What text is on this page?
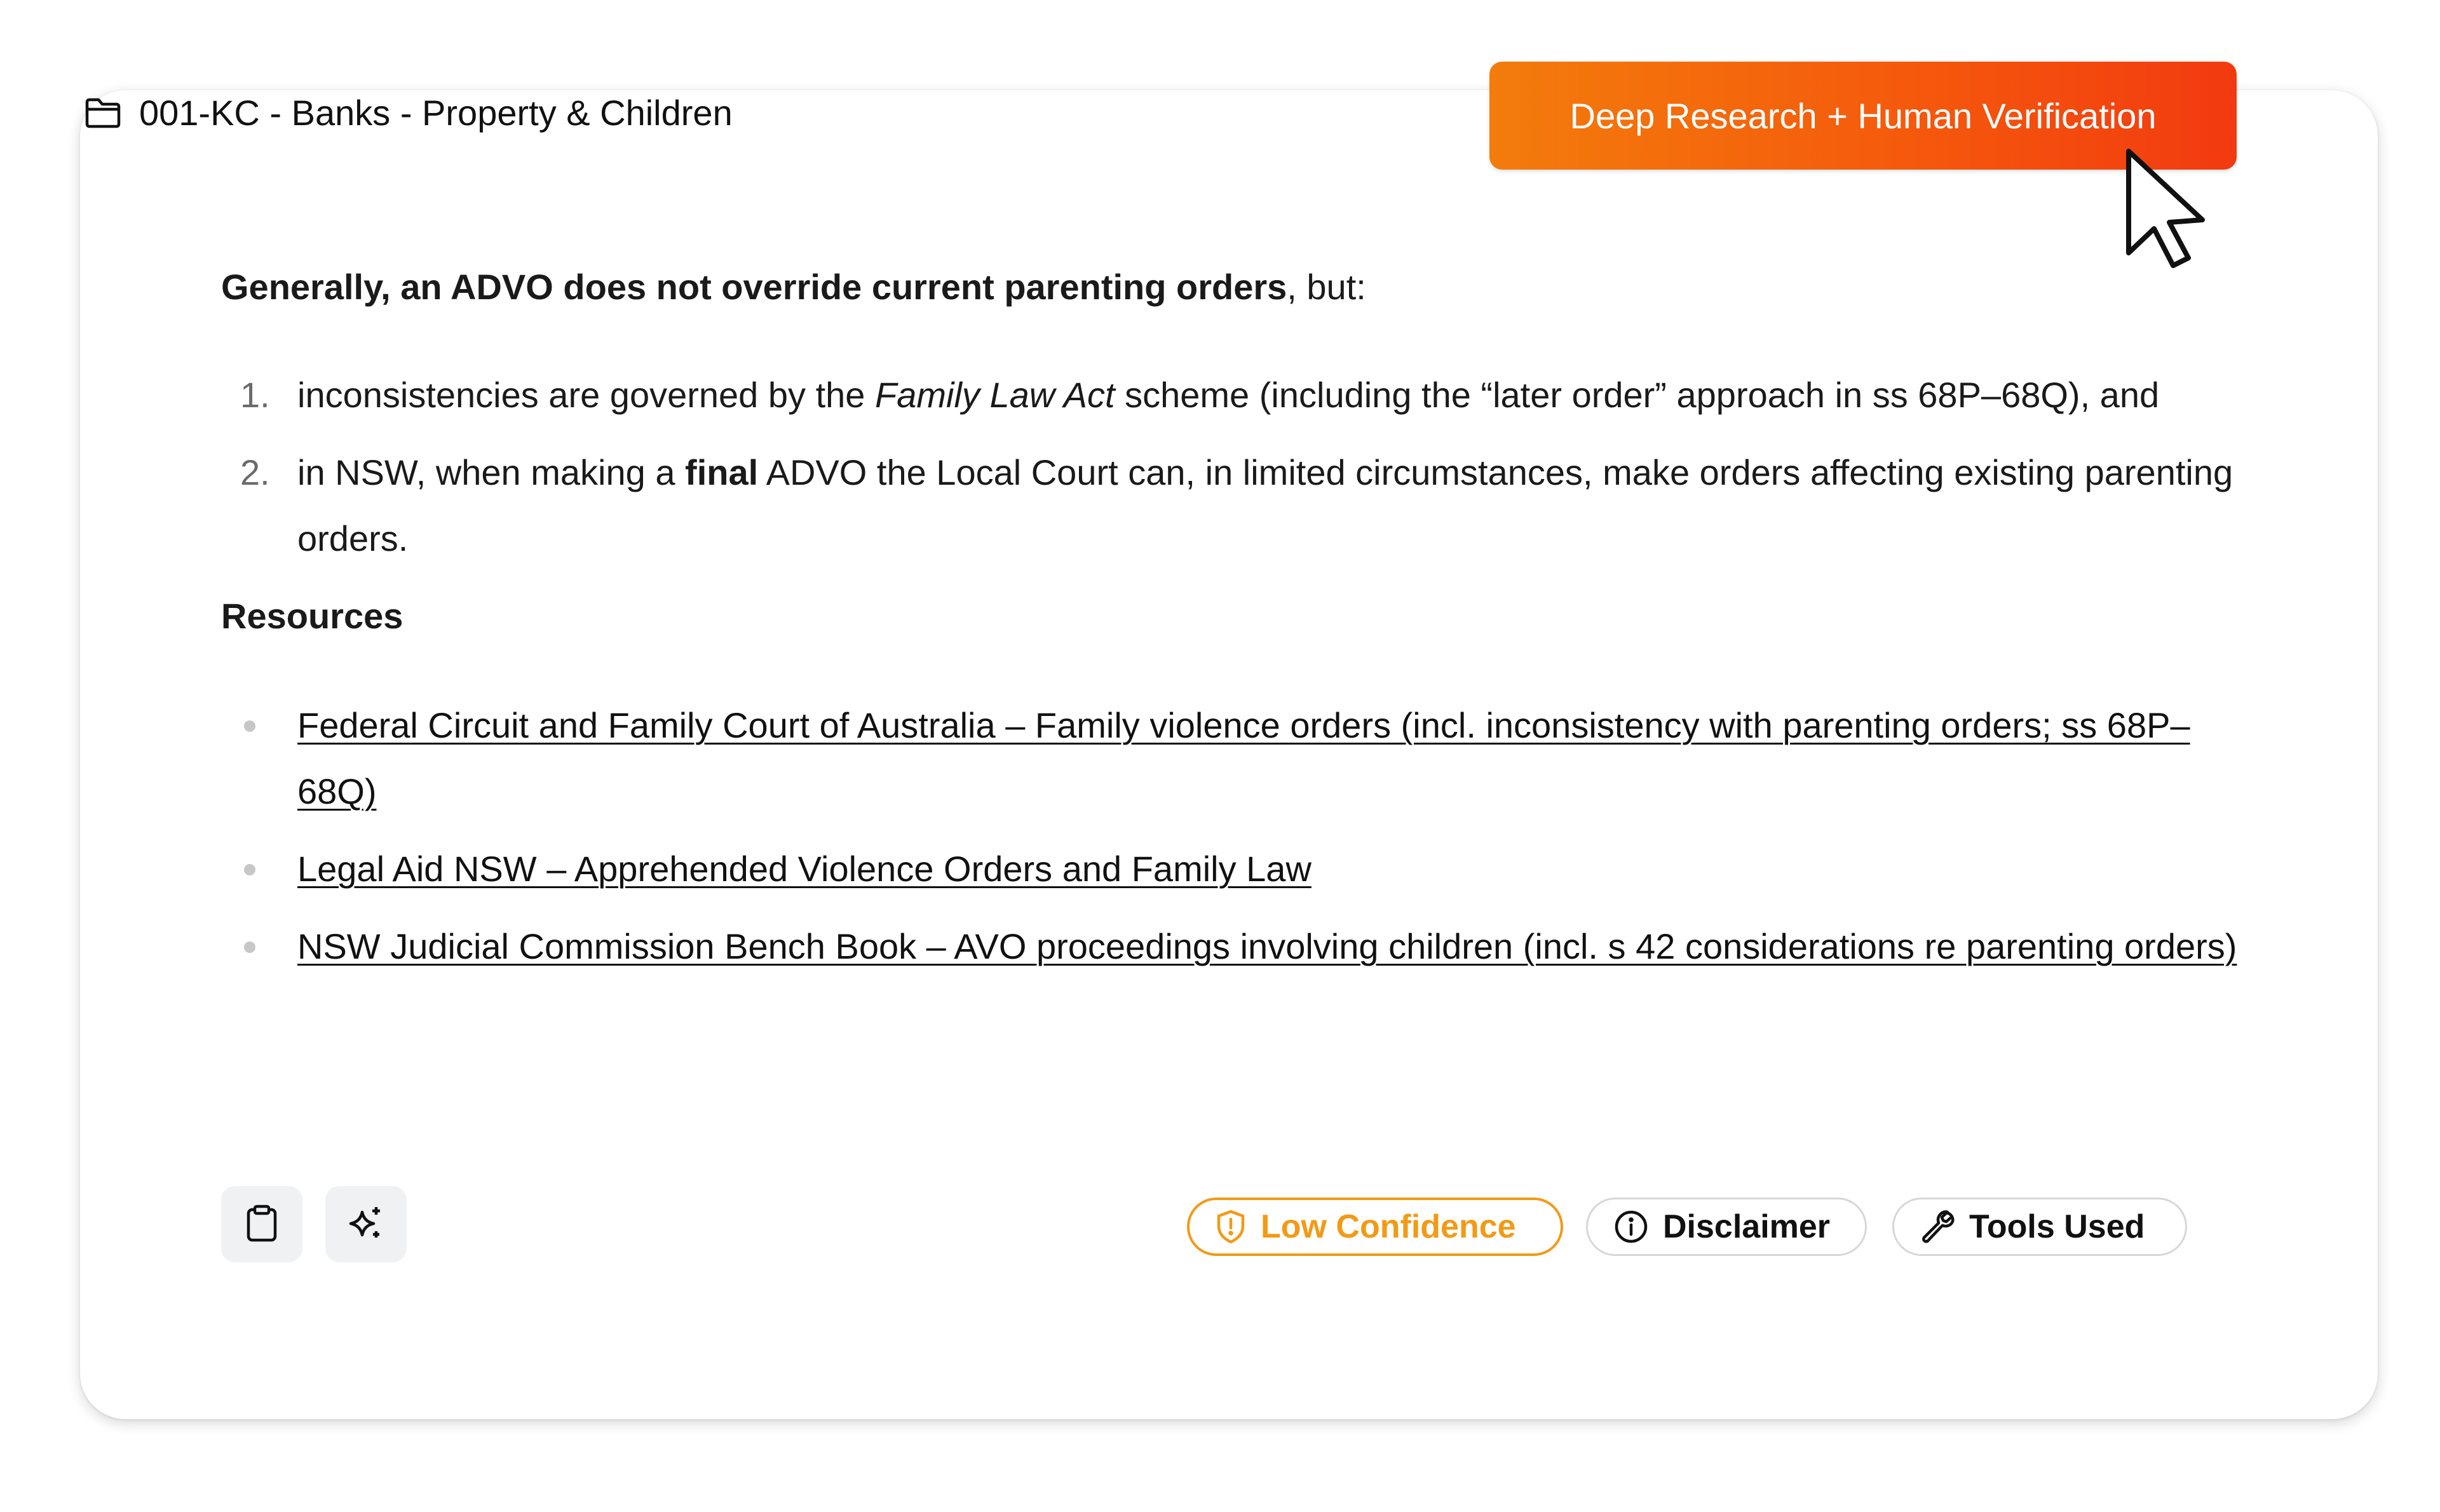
001-KC - Banks - Property & Children	Deep Research + Human Verification

Generally, an ADVO does not override current parenting orders, but:

1. inconsistencies are governed by the Family Law Act scheme (including the “later order” approach in ss 68P–68Q), and
2. in NSW, when making a final ADVO the Local Court can, in limited circumstances, make orders affecting existing parenting orders.

Resources

Federal Circuit and Family Court of Australia – Family violence orders (incl. inconsistency with parenting orders; ss 68P–68Q)
Legal Aid NSW – Apprehended Violence Orders and Family Law
NSW Judicial Commission Bench Book – AVO proceedings involving children (incl. s 42 considerations re parenting orders)
Low Confidence	Disclaimer	Tools Used
